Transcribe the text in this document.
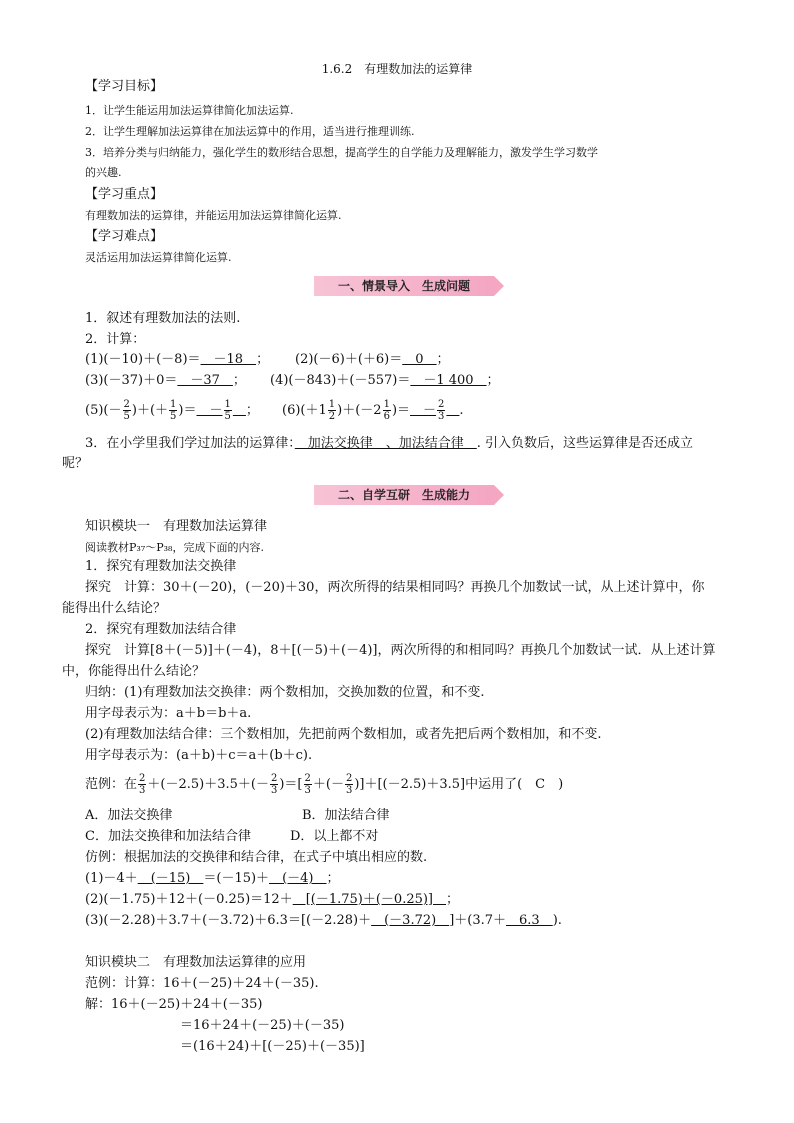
1.6.2　有理数加法的运算律
【学习目标】
1．让学生能运用加法运算律简化加法运算.
2．让学生理解加法运算律在加法运算中的作用，适当进行推理训练.
3．培养分类与归纳能力，强化学生的数形结合思想，提高学生的自学能力及理解能力，激发学生学习数学
的兴趣.
【学习重点】
有理数加法的运算律，并能运用加法运算律简化运算.
【学习难点】
灵活运用加法运算律简化运算.
一、情景导入　生成问题
1．叙述有理数加法的法则.
2．计算：
(1)(－10)＋(－8)＝　－18　； (2)(－6)＋(＋6)＝　0　；
(3)(－37)＋0＝　－37　； (4)(－843)＋(－557)＝　－1 400　；
$(5)(- \frac{2}{5}$ )＋(＋ $\frac{1}{5}$ )＝　－ $\frac{1}{5}$
　 ； $(6)(+1 \frac{1}{2} )+(-2 \frac{1}{6}$ )＝　－ $\frac{2}{3}$
　 .
3．在小学里我们学过加法的运算律：　加法交换律　、加法结合律　. 引入负数后，这些运算律是否还成立
呢？
二、自学互研　生成能力
知识模块一　有理数加法运算律
阅读教材P₃₇～P₃₈，完成下面的内容.
1．探究有理数加法交换律
探究　计算：30＋(－20)，(－20)＋30，两次所得的结果相同吗？再换几个加数试一试，从上述计算中，你
能得出什么结论？
2．探究有理数加法结合律
探究　计算[8＋(－5)]＋(－4)，8＋[(－5)＋(－4)]，两次所得的和相同吗？再换几个加数试一试．从上述计算
中，你能得出什么结论？
归纳：(1)有理数加法交换律：两个数相加，交换加数的位置，和不变.
用字母表示为：a＋b＝b＋a.
(2)有理数加法结合律：三个数相加，先把前两个数相加，或者先把后两个数相加，和不变.
用字母表示为：(a＋b)＋c＝a＋(b＋c).
范例：在 $\frac{2}{3} +(-2.5)+3.5+(- \frac{2}{3}$ )＝[ $\frac{2}{3}$ ＋(－ $\frac{2}{3} )]+[(-2.5)+3.5]$中运用了(　C　)
A．加法交换律	B．加法结合律
C．加法交换律和加法结合律	D．以上都不对
仿例：根据加法的交换律和结合律，在式子中填出相应的数.
(1)－4＋　(－15)　＝(－15)＋　(－4)　；
(2)(－1.75)＋12＋(－0.25)＝12＋　[(－1.75)＋(－0.25)]　；
(3)(－2.28)＋3.7＋(－3.72)＋6.3＝[(－2.28)＋　(－3.72)　]＋(3.7＋　6.3　).
知识模块二　有理数加法运算律的应用
范例：计算：16＋(－25)＋24＋(－35).
解：16＋(－25)＋24＋(－35)
＝16＋24＋(－25)＋(－35)
＝(16＋24)＋[(－25)＋(－35)]
